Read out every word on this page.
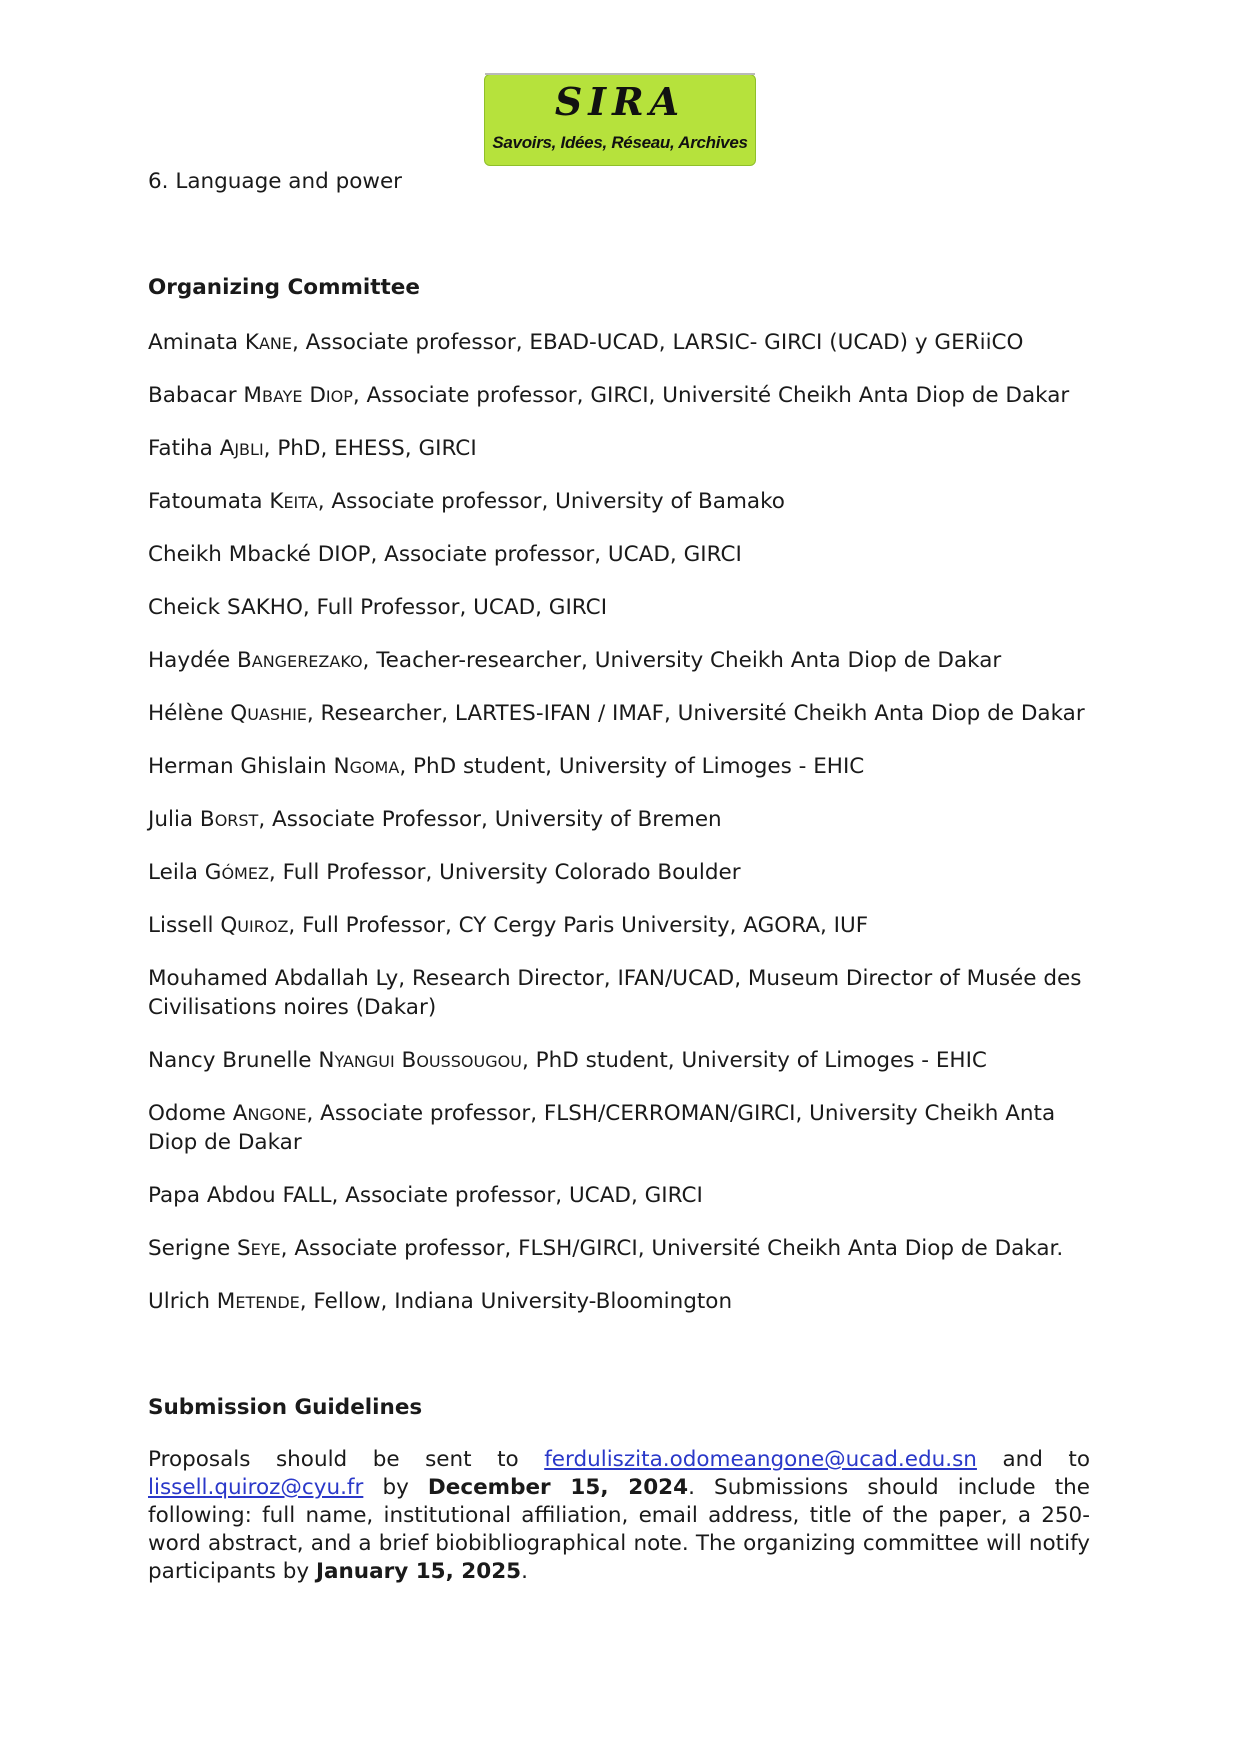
SIRA
Savoirs, Idées, Réseau, Archives
6. Language and power
Organizing Committee
Aminata KANE, Associate professor, EBAD-UCAD, LARSIC- GIRCI (UCAD) y GERiiCO
Babacar MBAYE DIOP, Associate professor, GIRCI, Université Cheikh Anta Diop de Dakar
Fatiha AJBLI, PhD, EHESS, GIRCI
Fatoumata KEITA, Associate professor, University of Bamako
Cheikh Mbacké DIOP, Associate professor, UCAD, GIRCI
Cheick SAKHO, Full Professor, UCAD, GIRCI
Haydée BANGEREZAKO, Teacher-researcher, University Cheikh Anta Diop de Dakar
Hélène QUASHIE, Researcher, LARTES-IFAN / IMAF, Université Cheikh Anta Diop de Dakar
Herman Ghislain NGOMA, PhD student, University of Limoges - EHIC
Julia BORST, Associate Professor, University of Bremen
Leila GÓMEZ, Full Professor, University Colorado Boulder
Lissell QUIROZ, Full Professor, CY Cergy Paris University, AGORA, IUF
Mouhamed Abdallah Ly, Research Director, IFAN/UCAD, Museum Director of Musée des Civilisations noires (Dakar)
Nancy Brunelle NYANGUI BOUSSOUGOU, PhD student, University of Limoges - EHIC
Odome ANGONE, Associate professor, FLSH/CERROMAN/GIRCI, University Cheikh Anta Diop de Dakar
Papa Abdou FALL, Associate professor, UCAD, GIRCI
Serigne SEYE, Associate professor, FLSH/GIRCI, Université Cheikh Anta Diop de Dakar.
Ulrich METENDE, Fellow, Indiana University-Bloomington
Submission Guidelines
Proposals should be sent to ferduliszita.odomeangone@ucad.edu.sn and to lissell.quiroz@cyu.fr by December 15, 2024. Submissions should include the following: full name, institutional affiliation, email address, title of the paper, a 250-word abstract, and a brief biobibliographical note. The organizing committee will notify participants by January 15, 2025.
